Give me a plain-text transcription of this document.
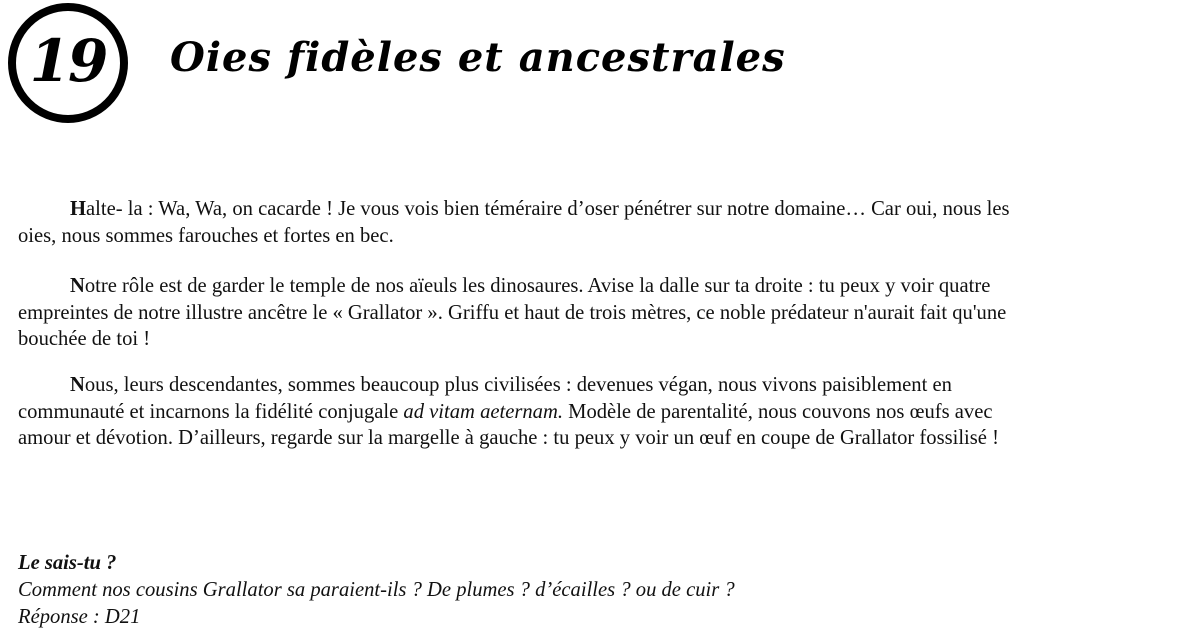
19 Oies fidèles et ancestrales

Halte- la : Wa, Wa, on cacarde ! Je vous vois bien téméraire d’oser pénétrer sur notre domaine… Car oui, nous les oies, nous sommes farouches et fortes en bec.

Notre rôle est de garder le temple de nos aïeuls les dinosaures. Avise la dalle sur ta droite : tu peux y voir quatre empreintes de notre illustre ancêtre le « Grallator ». Griffu et haut de trois mètres, ce noble prédateur n'aurait fait qu'une bouchée de toi !

Nous, leurs descendantes, sommes beaucoup plus civilisées : devenues végan, nous vivons paisiblement en communauté et incarnons la fidélité conjugale ad vitam aeternam. Modèle de parentalité, nous couvons nos œufs avec amour et dévotion. D’ailleurs, regarde sur la margelle à gauche : tu peux y voir un œuf en coupe de Grallator fossilisé !

Le sais-tu ?
Comment nos cousins Grallator sa paraient-ils ? De plumes ? d’écailles ? ou de cuir ?
Réponse : D21
